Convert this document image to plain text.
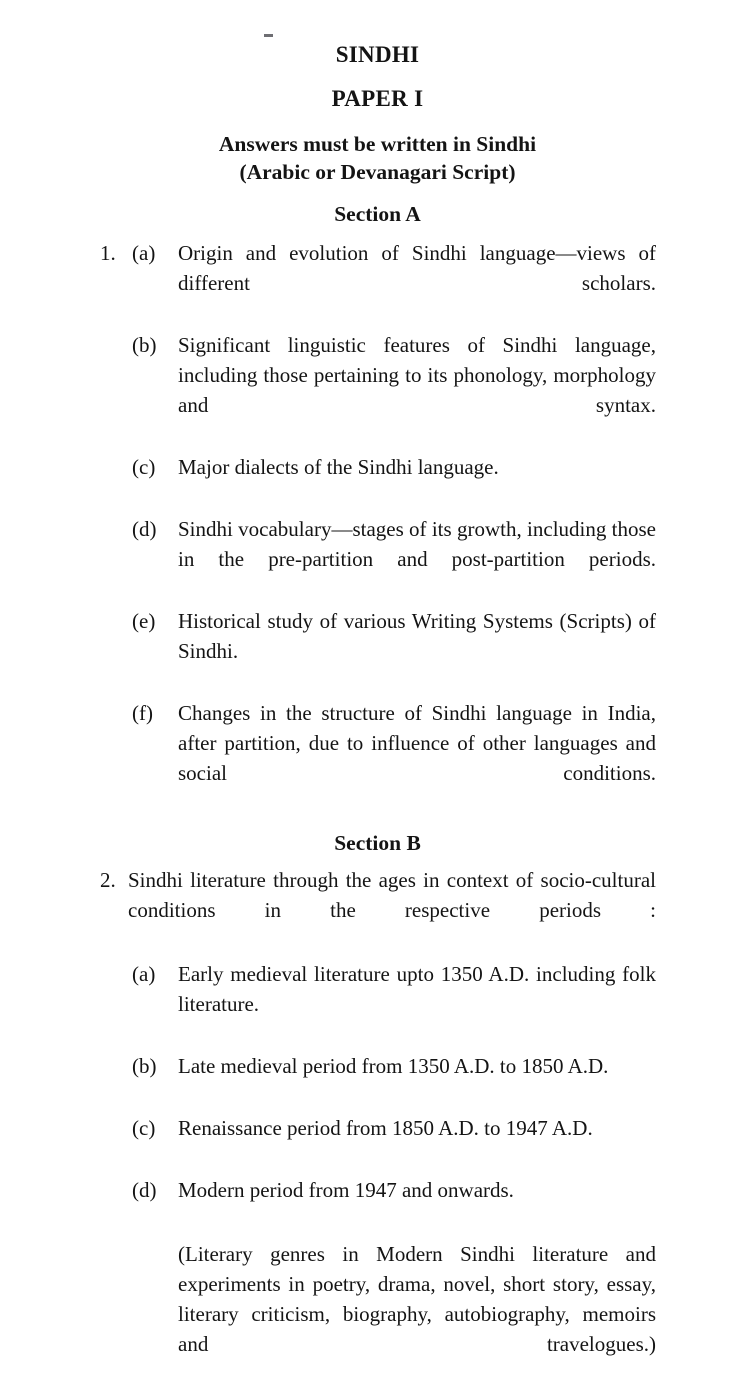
SINDHI
PAPER I
Answers must be written in Sindhi
(Arabic or Devanagari Script)
Section A
1. (a)	Origin and evolution of Sindhi language—views of different scholars.
(b)	Significant linguistic features of Sindhi language, including those pertaining to its phonology, morphology and syntax.
(c)	Major dialects of the Sindhi language.
(d)	Sindhi vocabulary—stages of its growth, including those in the pre-partition and post-partition periods.
(e)	Historical study of various Writing Systems (Scripts) of Sindhi.
(f)	Changes in the structure of Sindhi language in India, after partition, due to influence of other languages and social conditions.
Section B
2. Sindhi literature through the ages in context of socio-cultural conditions in the respective periods :
(a)	Early medieval literature upto 1350 A.D. including folk literature.
(b)	Late medieval period from 1350 A.D. to 1850 A.D.
(c)	Renaissance period from 1850 A.D. to 1947 A.D.
(d)	Modern period from 1947 and onwards.
(Literary genres in Modern Sindhi literature and experiments in poetry, drama, novel, short story, essay, literary criticism, biography, autobiography, memoirs and travelogues.)
